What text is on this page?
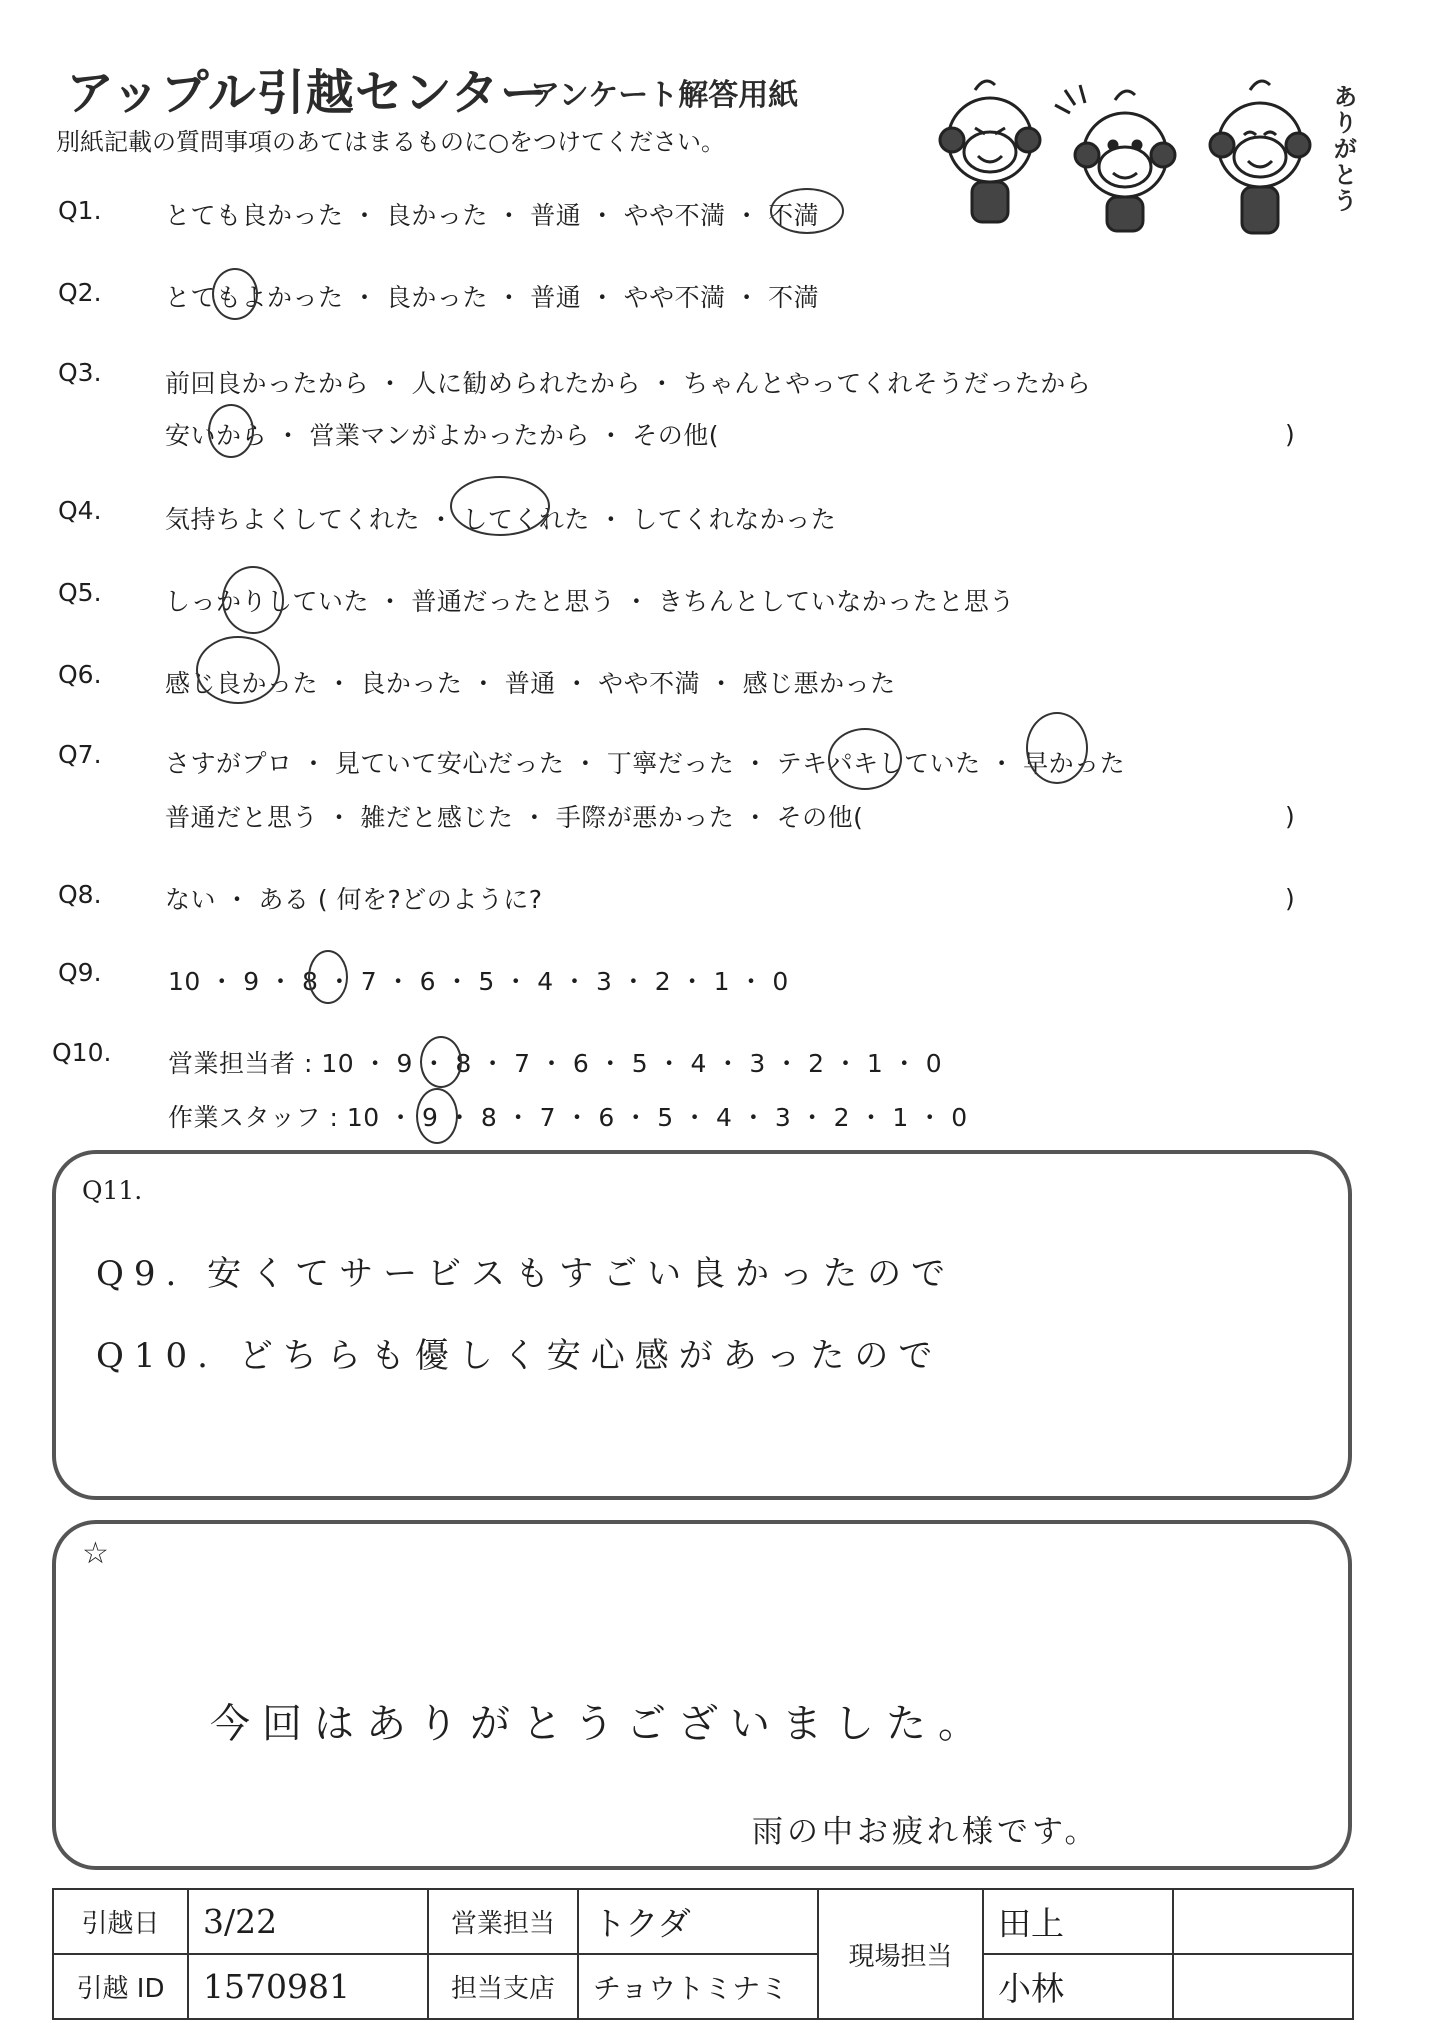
アップル引越センター
アンケート解答用紙
別紙記載の質問事項のあてはまるものに○をつけてください。	ありがとう
Q1.	とても良かった ・ 良かった ・ 普通 ・ やや不満 ・ 不満
Q2.	とてもよかった ・ 良かった ・ 普通 ・ やや不満 ・ 不満
Q3.	前回良かったから ・ 人に勧められたから ・ ちゃんとやってくれそうだったから
安いから ・ 営業マンがよかったから ・ その他(	)
Q4.	気持ちよくしてくれた ・ してくれた ・ してくれなかった
Q5.	しっかりしていた ・ 普通だったと思う ・ きちんとしていなかったと思う
Q6.	感じ良かった ・ 良かった ・ 普通 ・ やや不満 ・ 感じ悪かった
Q7.	さすがプロ ・ 見ていて安心だった ・ 丁寧だった ・ テキパキしていた ・ 早かった
普通だと思う ・ 雑だと感じた ・ 手際が悪かった ・ その他(	)
Q8.	ない ・ ある ( 何を?どのように?	)
Q9.	10 ・ 9 ・ 8 ・ 7 ・ 6 ・ 5 ・ 4 ・ 3 ・ 2 ・ 1 ・ 0
Q10. 営業担当者 : 10 ・ 9 ・ 8 ・ 7 ・ 6 ・ 5 ・ 4 ・ 3 ・ 2 ・ 1 ・ 0
作業スタッフ : 10 ・ 9 ・ 8 ・ 7 ・ 6 ・ 5 ・ 4 ・ 3 ・ 2 ・ 1 ・ 0
Q11.
Q9. 安くてサービスもすごい良かったので
Q10. どちらも優しく安心感があったので
☆
今回はありがとうございました。
雨の中お疲れ様です。
引越日	3/22	営業担当	トクダ	現場担当	田上	
引越 ID	1570981	担当支店	チョウトミナミ		小林	
